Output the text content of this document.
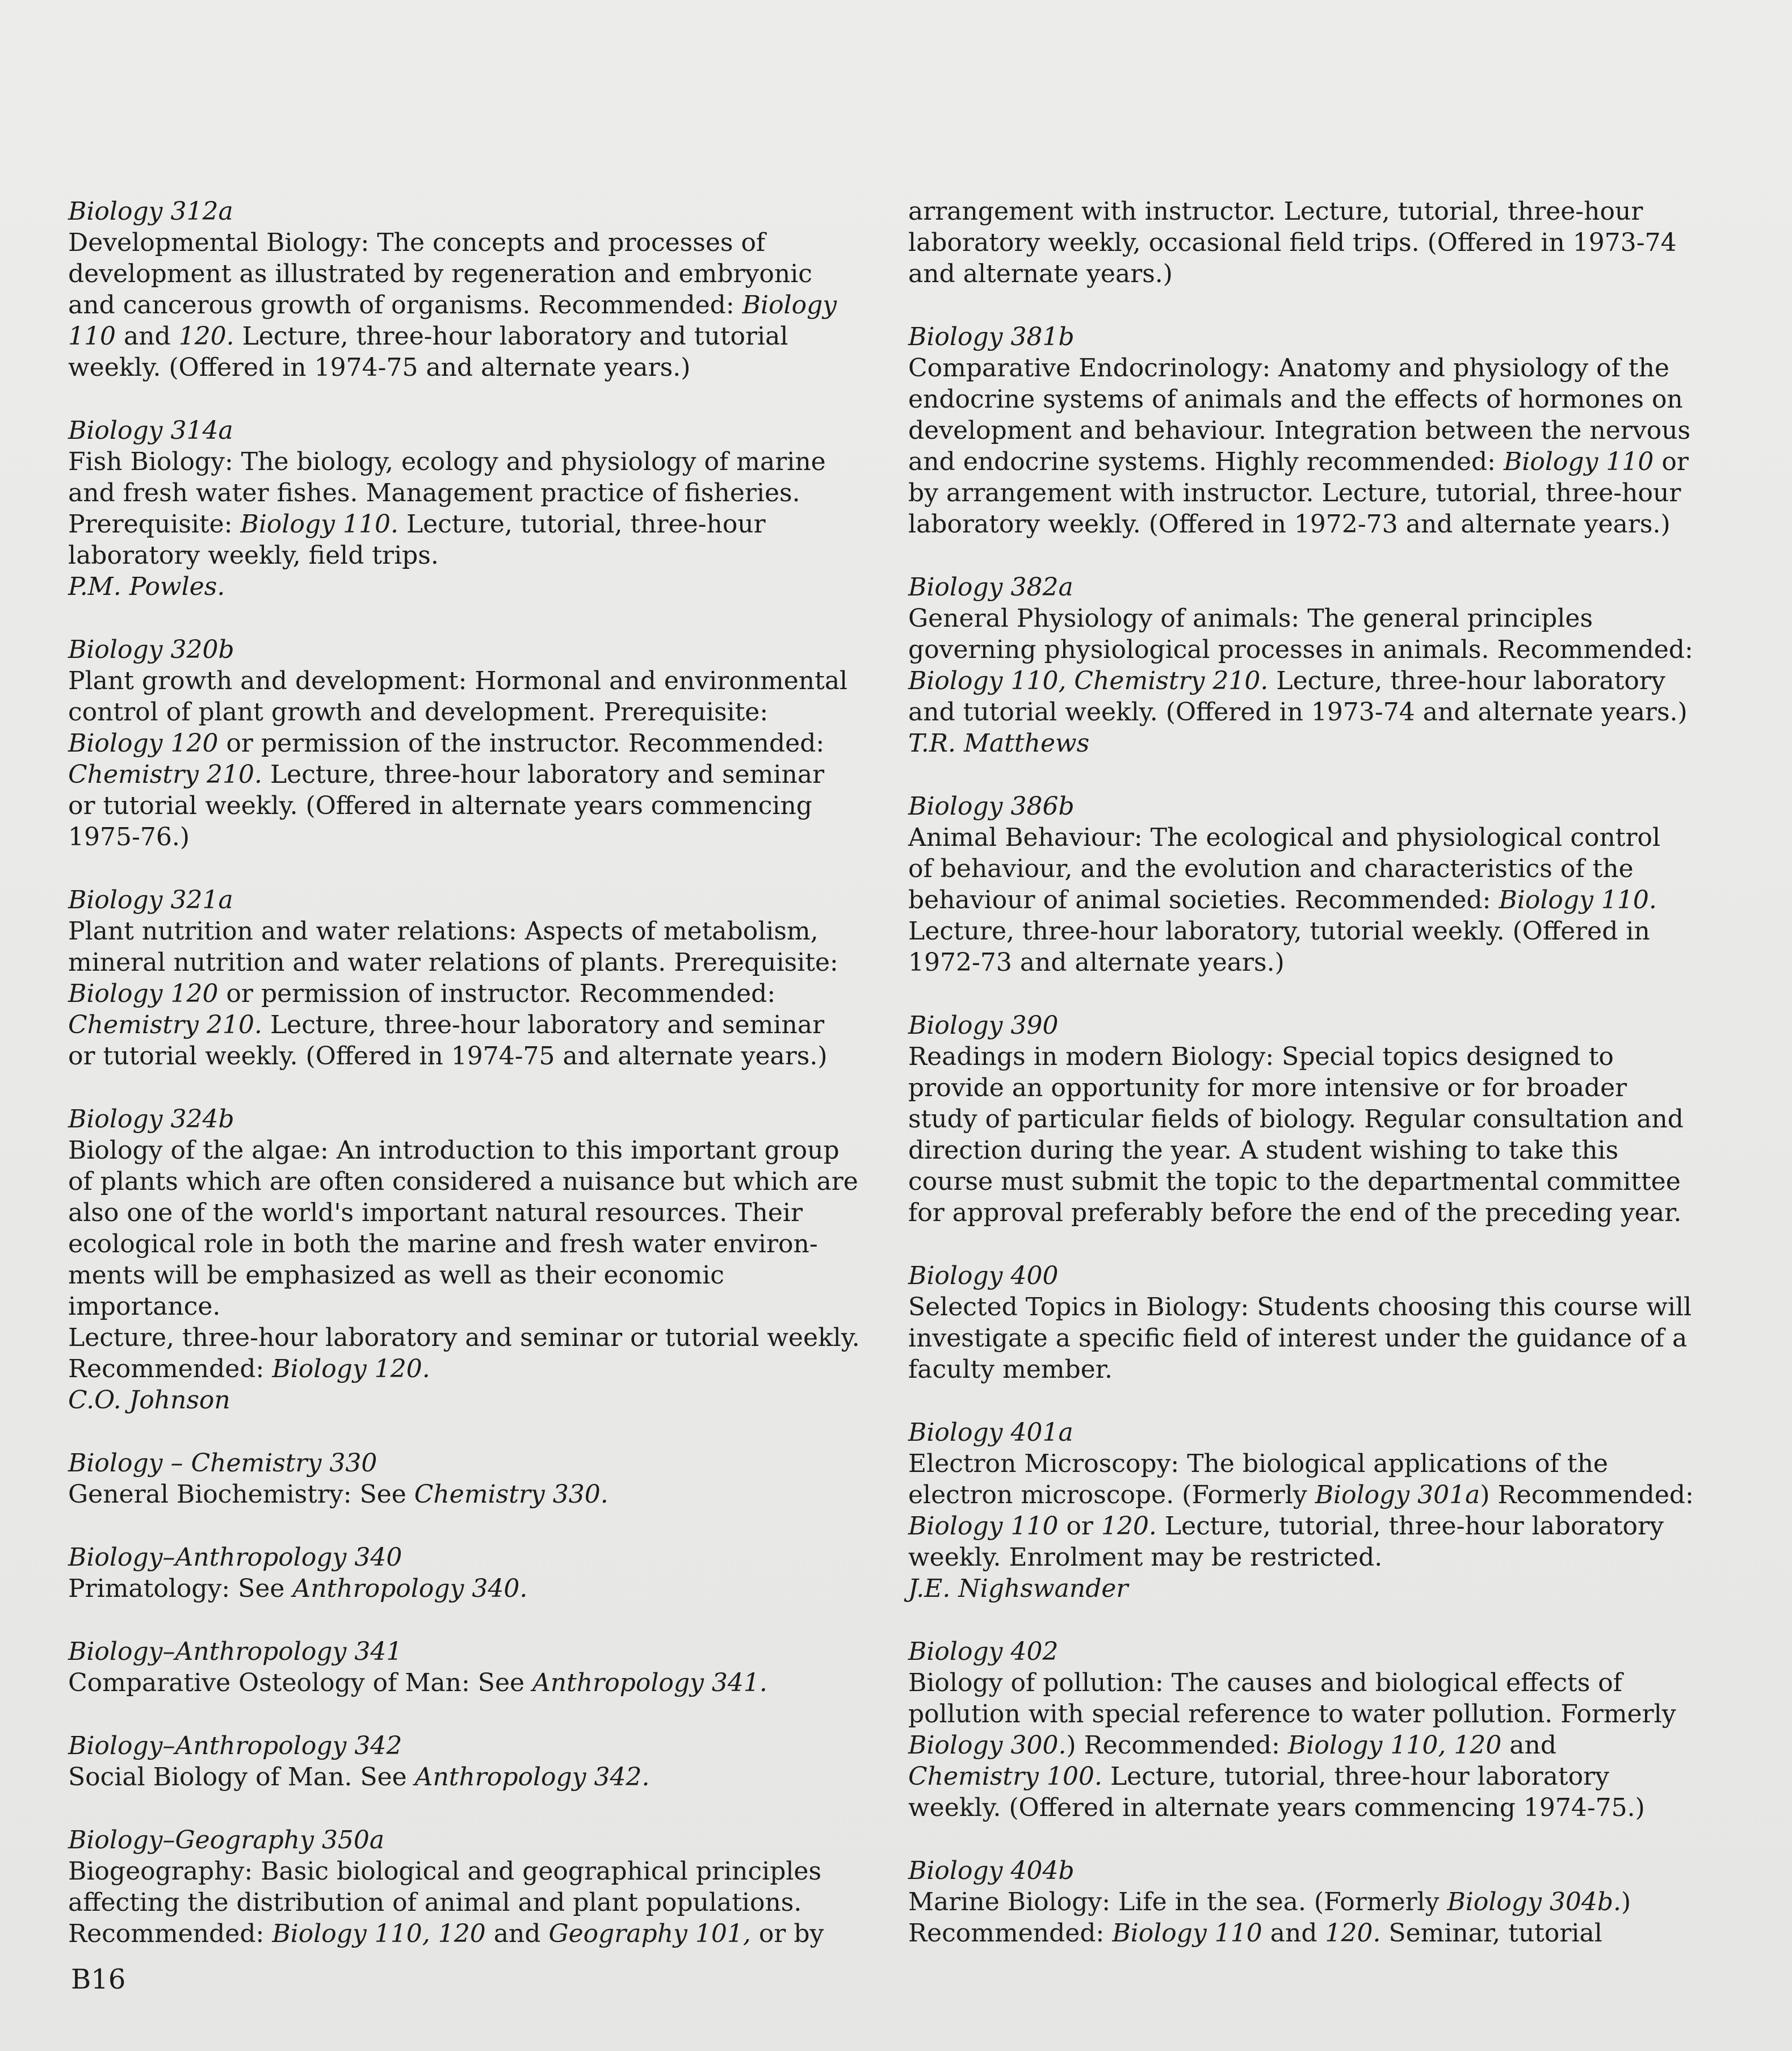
Biology 312a
Developmental Biology: The concepts and processes of
development as illustrated by regeneration and embryonic
and cancerous growth of organisms. Recommended: Biology
110 and 120. Lecture, three-hour laboratory and tutorial
weekly. (Offered in 1974-75 and alternate years.)
Biology 314a
Fish Biology: The biology, ecology and physiology of marine
and fresh water fishes. Management practice of fisheries.
Prerequisite: Biology 110. Lecture, tutorial, three-hour
laboratory weekly, field trips.
P.M. Powles.
Biology 320b
Plant growth and development: Hormonal and environmental
control of plant growth and development. Prerequisite:
Biology 120 or permission of the instructor. Recommended:
Chemistry 210. Lecture, three-hour laboratory and seminar
or tutorial weekly. (Offered in alternate years commencing
1975-76.)
Biology 321a
Plant nutrition and water relations: Aspects of metabolism,
mineral nutrition and water relations of plants. Prerequisite:
Biology 120 or permission of instructor. Recommended:
Chemistry 210. Lecture, three-hour laboratory and seminar
or tutorial weekly. (Offered in 1974-75 and alternate years.)
Biology 324b
Biology of the algae: An introduction to this important group
of plants which are often considered a nuisance but which are
also one of the world's important natural resources. Their
ecological role in both the marine and fresh water environ-
ments will be emphasized as well as their economic importance.
Lecture, three-hour laboratory and seminar or tutorial weekly.
Recommended: Biology 120.
C.O. Johnson
Biology – Chemistry 330
General Biochemistry: See Chemistry 330.
Biology–Anthropology 340
Primatology: See Anthropology 340.
Biology–Anthropology 341
Comparative Osteology of Man: See Anthropology 341.
Biology–Anthropology 342
Social Biology of Man. See Anthropology 342.
Biology–Geography 350a
Biogeography: Basic biological and geographical principles
affecting the distribution of animal and plant populations.
Recommended: Biology 110, 120 and Geography 101, or by
arrangement with instructor. Lecture, tutorial, three-hour
laboratory weekly, occasional field trips. (Offered in 1973-74
and alternate years.)
Biology 381b
Comparative Endocrinology: Anatomy and physiology of the
endocrine systems of animals and the effects of hormones on
development and behaviour. Integration between the nervous
and endocrine systems. Highly recommended: Biology 110 or
by arrangement with instructor. Lecture, tutorial, three-hour
laboratory weekly. (Offered in 1972-73 and alternate years.)
Biology 382a
General Physiology of animals: The general principles
governing physiological processes in animals. Recommended:
Biology 110, Chemistry 210. Lecture, three-hour laboratory
and tutorial weekly. (Offered in 1973-74 and alternate years.)
T.R. Matthews
Biology 386b
Animal Behaviour: The ecological and physiological control
of behaviour, and the evolution and characteristics of the
behaviour of animal societies. Recommended: Biology 110.
Lecture, three-hour laboratory, tutorial weekly. (Offered in
1972-73 and alternate years.)
Biology 390
Readings in modern Biology: Special topics designed to
provide an opportunity for more intensive or for broader
study of particular fields of biology. Regular consultation and
direction during the year. A student wishing to take this
course must submit the topic to the departmental committee
for approval preferably before the end of the preceding year.
Biology 400
Selected Topics in Biology: Students choosing this course will
investigate a specific field of interest under the guidance of a
faculty member.
Biology 401a
Electron Microscopy: The biological applications of the
electron microscope. (Formerly Biology 301a) Recommended:
Biology 110 or 120. Lecture, tutorial, three-hour laboratory
weekly. Enrolment may be restricted.
J.E. Nighswander
Biology 402
Biology of pollution: The causes and biological effects of
pollution with special reference to water pollution. Formerly
Biology 300.) Recommended: Biology 110, 120 and
Chemistry 100. Lecture, tutorial, three-hour laboratory
weekly. (Offered in alternate years commencing 1974-75.)
Biology 404b
Marine Biology: Life in the sea. (Formerly Biology 304b.)
Recommended: Biology 110 and 120. Seminar, tutorial
B16
